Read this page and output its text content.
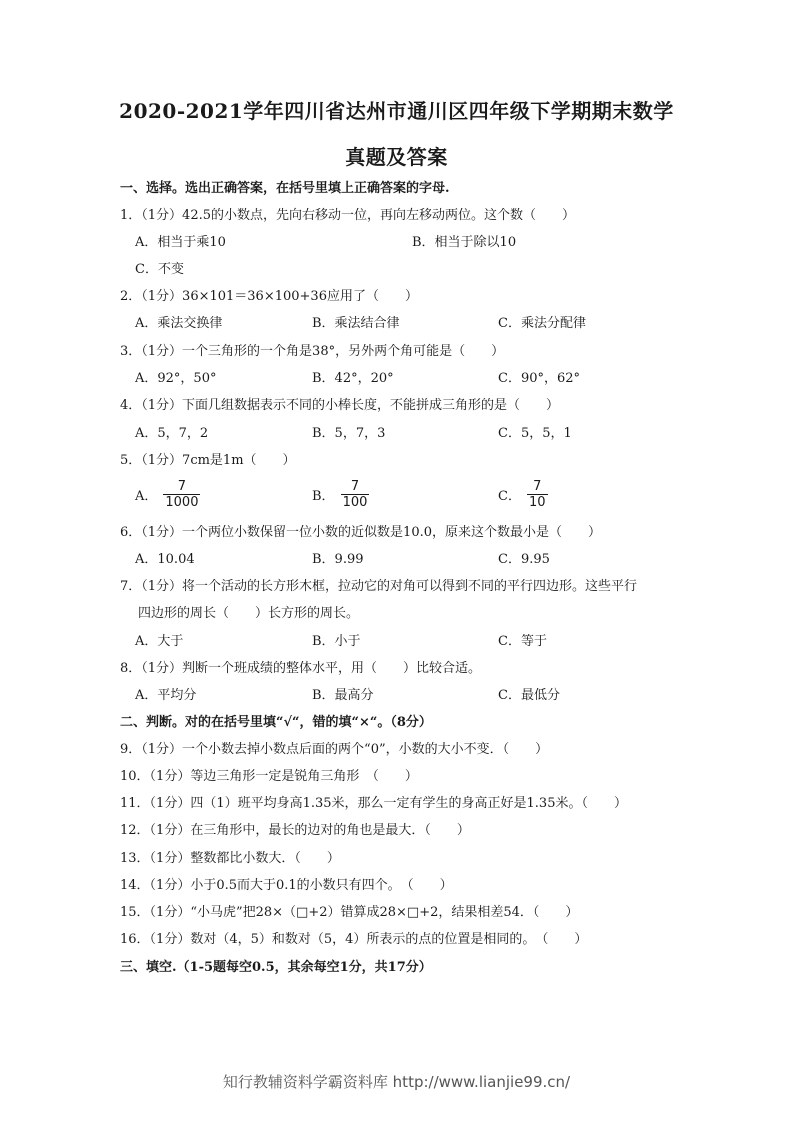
2020-2021学年四川省达州市通川区四年级下学期期末数学
真题及答案
一、选择。选出正确答案，在括号里填上正确答案的字母.
1．（1分）42.5的小数点，先向右移动一位，再向左移动两位。这个数（　　）
A．相当于乘10	B．相当于除以10
C．不变
2．（1分）36×101＝36×100+36应用了（　　）
A．乘法交换律	B．乘法结合律	C．乘法分配律
3．（1分）一个三角形的一个角是38°，另外两个角可能是（　　）
A．92°，50°	B．42°，20°	C．90°，62°
4．（1分）下面几组数据表示不同的小棒长度，不能拼成三角形的是（　　）
A．5，7，2	B．5，7，3	C．5，5，1
5．（1分）7cm是1m（　　）
A． $\frac{7}{1000}$	B． $\frac{7}{100}$	C． $\frac{7}{10}$
6．（1分）一个两位小数保留一位小数的近似数是10.0，原来这个数最小是（　　）
A．10.04	B．9.99	C．9.95
7．（1分）将一个活动的长方形木框，拉动它的对角可以得到不同的平行四边形。这些平行
四边形的周长（　　）长方形的周长。
A．大于	B．小于	C．等于
8．（1分）判断一个班成绩的整体水平，用（　　）比较合适。
A．平均分	B．最高分	C．最低分
二、判断。对的在括号里填“√“，错的填“×“。（8分）
9．（1分）一个小数去掉小数点后面的两个“0”，小数的大小不变．（　　）
10．（1分）等边三角形一定是锐角三角形　（　　）
11．（1分）四（1）班平均身高1.35米，那么一定有学生的身高正好是1.35米。（　　）
12．（1分）在三角形中，最长的边对的角也是最大．（　　）
13．（1分）整数都比小数大．（　　）
14．（1分）小于0.5而大于0.1的小数只有四个。　（　　）
15．（1分）“小马虎”把28×（□+2）错算成28×□+2，结果相差54．（　　）
16．（1分）数对（4，5）和数对（5，4）所表示的点的位置是相同的。　（　　）
三、填空.（1-5题每空0.5，其余每空1分，共17分）
知行教辅资料学霸资料库 http://www.lianjie99.cn/
